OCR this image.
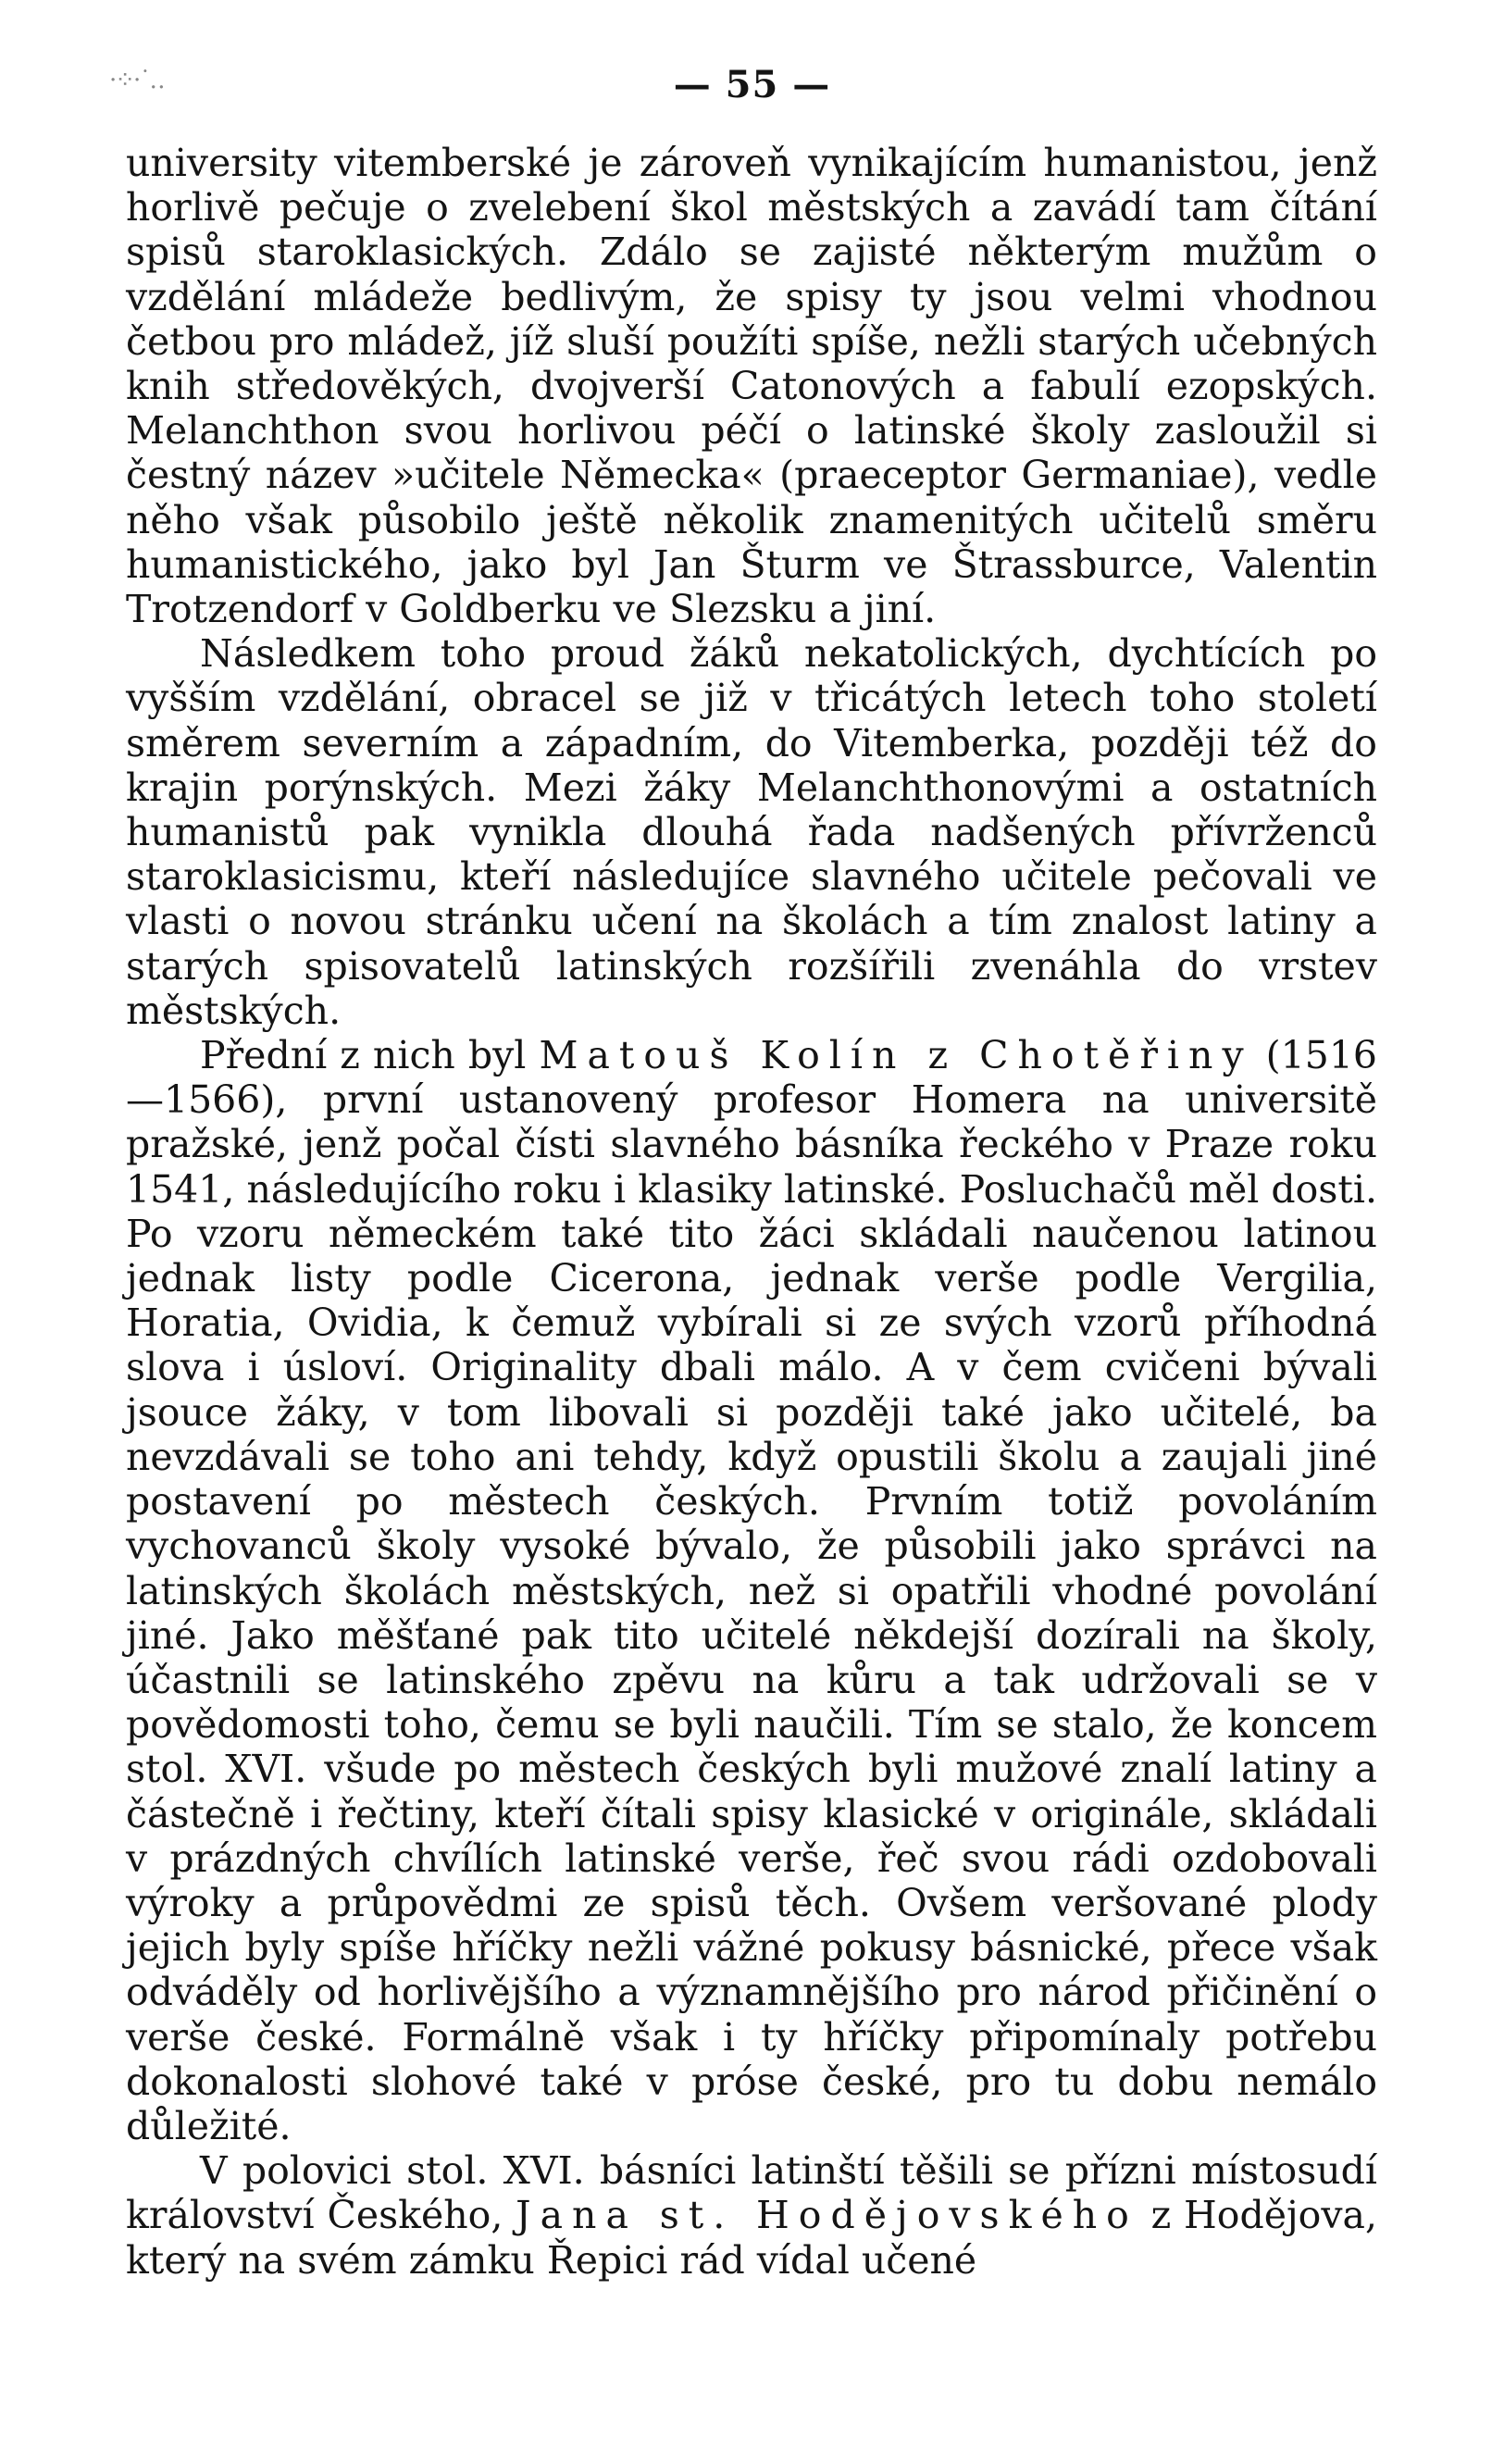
·⁘·˙‥	— 55 —

university vitemberské je zároveň vynikajícím humanistou, jenž horlivě pečuje o zvelebení škol městských a zavádí tam čítání spisů staroklasických. Zdálo se zajisté některým mužům o vzdělání mládeže bedlivým, že spisy ty jsou velmi vhodnou četbou pro mládež, jíž sluší použíti spíše, nežli starých učebných knih středověkých, dvojverší Catonových a fabulí ezopských. Melanchthon svou horlivou péčí o latinské školy zasloužil si čestný název »učitele Německa« (praeceptor Germaniae), vedle něho však působilo ještě několik znamenitých učitelů směru humanistického, jako byl Jan Šturm ve Štrassburce, Valentin Trotzendorf v Goldberku ve Slezsku a jiní.

Následkem toho proud žáků nekatolických, dychtících po vyšším vzdělání, obracel se již v třicátých letech toho století směrem severním a západním, do Vitemberka, později též do krajin porýnských. Mezi žáky Melanchthonovými a ostatních humanistů pak vynikla dlouhá řada nadšených přívrženců staroklasicismu, kteří následujíce slavného učitele pečovali ve vlasti o novou stránku učení na školách a tím znalost latiny a starých spisovatelů latinských rozšířili zvenáhla do vrstev městských.

Přední z nich byl Matouš Kolín z Chotěřiny (1516—1566), první ustanovený profesor Homera na universitě pražské, jenž počal čísti slavného básníka řeckého v Praze roku 1541, následujícího roku i klasiky latinské. Posluchačů měl dosti. Po vzoru německém také tito žáci skládali naučenou latinou jednak listy podle Cicerona, jednak verše podle Vergilia, Horatia, Ovidia, k čemuž vybírali si ze svých vzorů příhodná slova i úsloví. Originality dbali málo. A v čem cvičeni bývali jsouce žáky, v tom libovali si později také jako učitelé, ba nevzdávali se toho ani tehdy, když opustili školu a zaujali jiné postavení po městech českých. Prvním totiž povoláním vychovanců školy vysoké bývalo, že působili jako správci na latinských školách městských, než si opatřili vhodné povolání jiné. Jako měšťané pak tito učitelé někdejší dozírali na školy, účastnili se latinského zpěvu na kůru a tak udržovali se v povědomosti toho, čemu se byli naučili. Tím se stalo, že koncem stol. XVI. všude po městech českých byli mužové znalí latiny a částečně i řečtiny, kteří čítali spisy klasické v originále, skládali v prázdných chvílích latinské verše, řeč svou rádi ozdobovali výroky a průpovědmi ze spisů těch. Ovšem veršované plody jejich byly spíše hříčky nežli vážné pokusy básnické, přece však odváděly od horlivějšího a významnějšího pro národ přičinění o verše české. Formálně však i ty hříčky připomínaly potřebu dokonalosti slohové také v próse české, pro tu dobu nemálo důležité.

V polovici stol. XVI. básníci latinští těšili se přízni místosudí království Českého, Jana st. Hodějovského z Hodějova, který na svém zámku Řepici rád vídal učené
